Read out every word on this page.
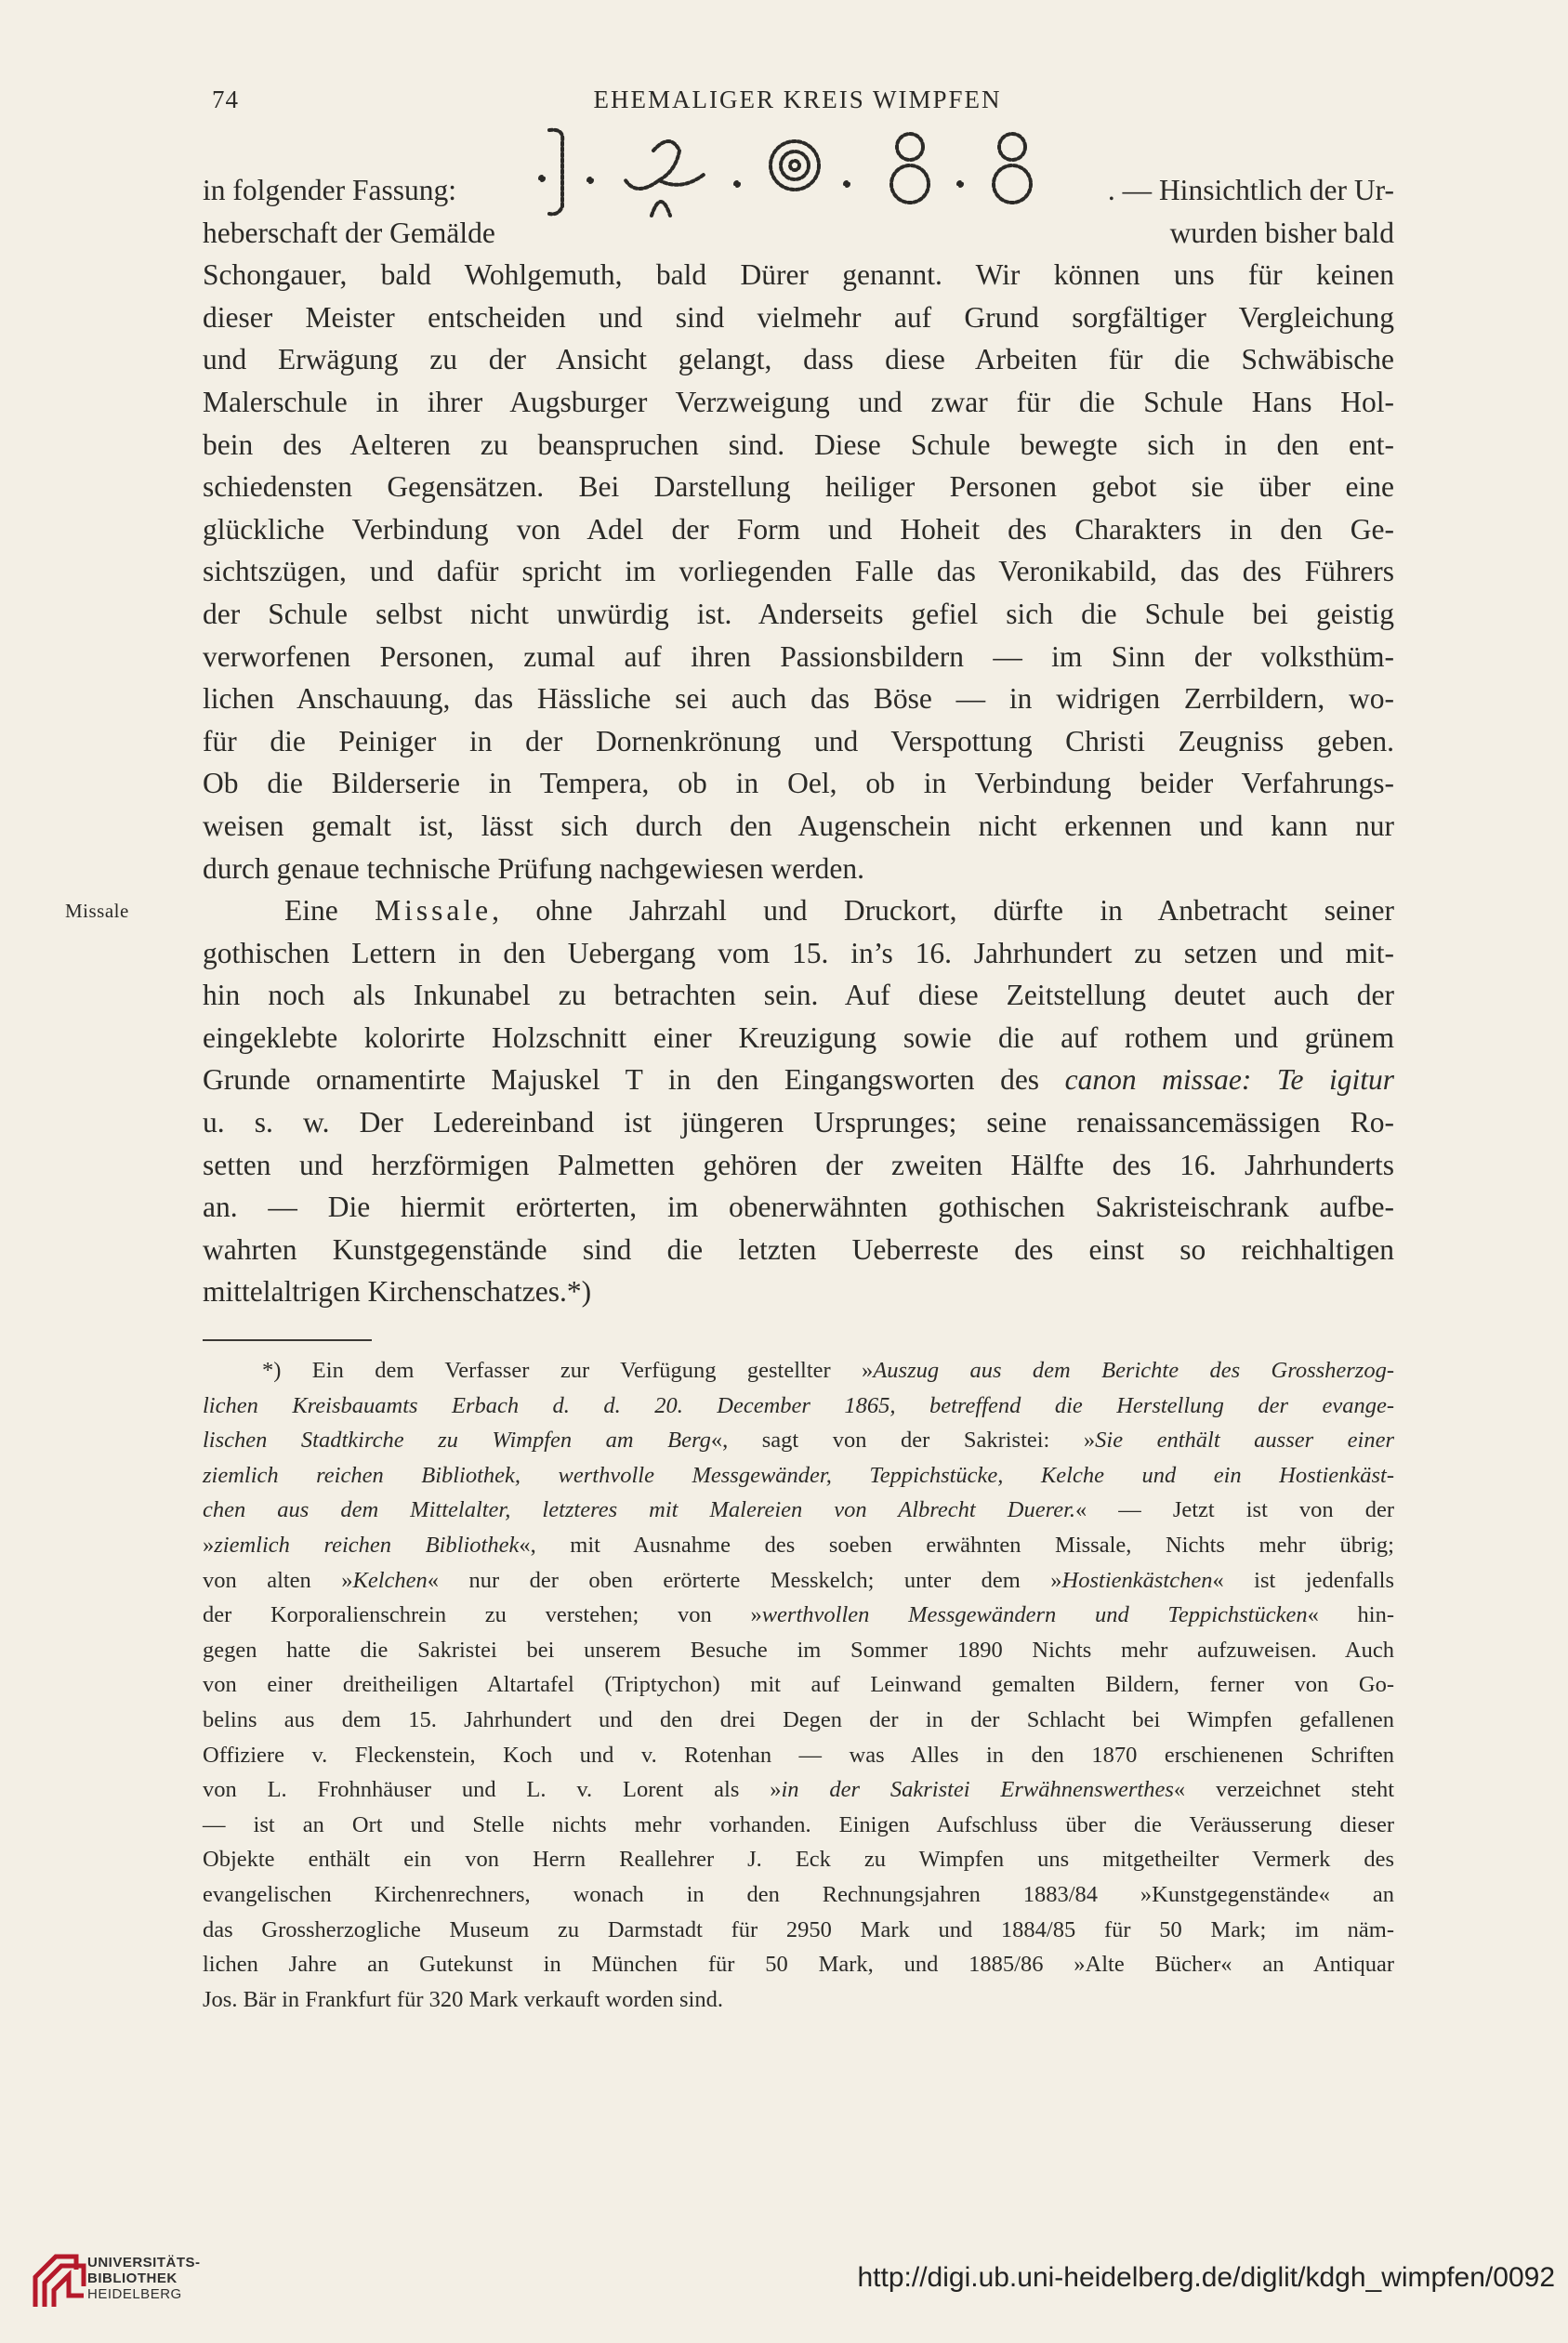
74	EHEMALIGER KREIS WIMPFEN
Missale
in folgender Fassung:	. — Hinsichtlich der Ur-
heberschaft der Gemälde	wurden bisher bald
Schongauer, bald Wohlgemuth, bald Dürer genannt. Wir können uns für keinen
dieser Meister entscheiden und sind vielmehr auf Grund sorgfältiger Vergleichung
und Erwägung zu der Ansicht gelangt, dass diese Arbeiten für die Schwäbische
Malerschule in ihrer Augsburger Verzweigung und zwar für die Schule Hans Hol-
bein des Aelteren zu beanspruchen sind. Diese Schule bewegte sich in den ent-
schiedensten Gegensätzen. Bei Darstellung heiliger Personen gebot sie über eine
glückliche Verbindung von Adel der Form und Hoheit des Charakters in den Ge-
sichtszügen, und dafür spricht im vorliegenden Falle das Veronikabild, das des Führers
der Schule selbst nicht unwürdig ist. Anderseits gefiel sich die Schule bei geistig
verworfenen Personen, zumal auf ihren Passionsbildern — im Sinn der volksthüm-
lichen Anschauung, das Hässliche sei auch das Böse — in widrigen Zerrbildern, wo-
für die Peiniger in der Dornenkrönung und Verspottung Christi Zeugniss geben.
Ob die Bilderserie in Tempera, ob in Oel, ob in Verbindung beider Verfahrungs-
weisen gemalt ist, lässt sich durch den Augenschein nicht erkennen und kann nur
durch genaue technische Prüfung nachgewiesen werden.
Eine Missale, ohne Jahrzahl und Druckort, dürfte in Anbetracht seiner
gothischen Lettern in den Uebergang vom 15. in’s 16. Jahrhundert zu setzen und mit-
hin noch als Inkunabel zu betrachten sein. Auf diese Zeitstellung deutet auch der
eingeklebte kolorirte Holzschnitt einer Kreuzigung sowie die auf rothem und grünem
Grunde ornamentirte Majuskel T in den Eingangsworten des canon missae: Te igitur
u. s. w. Der Ledereinband ist jüngeren Ursprunges; seine renaissancemässigen Ro-
setten und herzförmigen Palmetten gehören der zweiten Hälfte des 16. Jahrhunderts
an. — Die hiermit erörterten, im obenerwähnten gothischen Sakristeischrank aufbe-
wahrten Kunstgegenstände sind die letzten Ueberreste des einst so reichhaltigen
mittelaltrigen Kirchenschatzes.*)
*) Ein dem Verfasser zur Verfügung gestellter »Auszug aus dem Berichte des Grossherzog-
lichen Kreisbauamts Erbach d. d. 20. December 1865, betreffend die Herstellung der evange-
lischen Stadtkirche zu Wimpfen am Berg«, sagt von der Sakristei: »Sie enthält ausser einer
ziemlich reichen Bibliothek, werthvolle Messgewänder, Teppichstücke, Kelche und ein Hostienkäst-
chen aus dem Mittelalter, letzteres mit Malereien von Albrecht Duerer.« — Jetzt ist von der
»ziemlich reichen Bibliothek«, mit Ausnahme des soeben erwähnten Missale, Nichts mehr übrig;
von alten »Kelchen« nur der oben erörterte Messkelch; unter dem »Hostienkästchen« ist jedenfalls
der Korporalienschrein zu verstehen; von »werthvollen Messgewändern und Teppichstücken« hin-
gegen hatte die Sakristei bei unserem Besuche im Sommer 1890 Nichts mehr aufzuweisen. Auch
von einer dreitheiligen Altartafel (Triptychon) mit auf Leinwand gemalten Bildern, ferner von Go-
belins aus dem 15. Jahrhundert und den drei Degen der in der Schlacht bei Wimpfen gefallenen
Offiziere v. Fleckenstein, Koch und v. Rotenhan — was Alles in den 1870 erschienenen Schriften
von L. Frohnhäuser und L. v. Lorent als »in der Sakristei Erwähnenswerthes« verzeichnet steht
— ist an Ort und Stelle nichts mehr vorhanden. Einigen Aufschluss über die Veräusserung dieser
Objekte enthält ein von Herrn Reallehrer J. Eck zu Wimpfen uns mitgetheilter Vermerk des
evangelischen Kirchenrechners, wonach in den Rechnungsjahren 1883/84 »Kunstgegenstände« an
das Grossherzogliche Museum zu Darmstadt für 2950 Mark und 1884/85 für 50 Mark; im näm-
lichen Jahre an Gutekunst in München für 50 Mark, und 1885/86 »Alte Bücher« an Antiquar
Jos. Bär in Frankfurt für 320 Mark verkauft worden sind.
UNIVERSITÄTS-
BIBLIOTHEK
HEIDELBERG
http://digi.ub.uni-heidelberg.de/diglit/kdgh_wimpfen/0092
